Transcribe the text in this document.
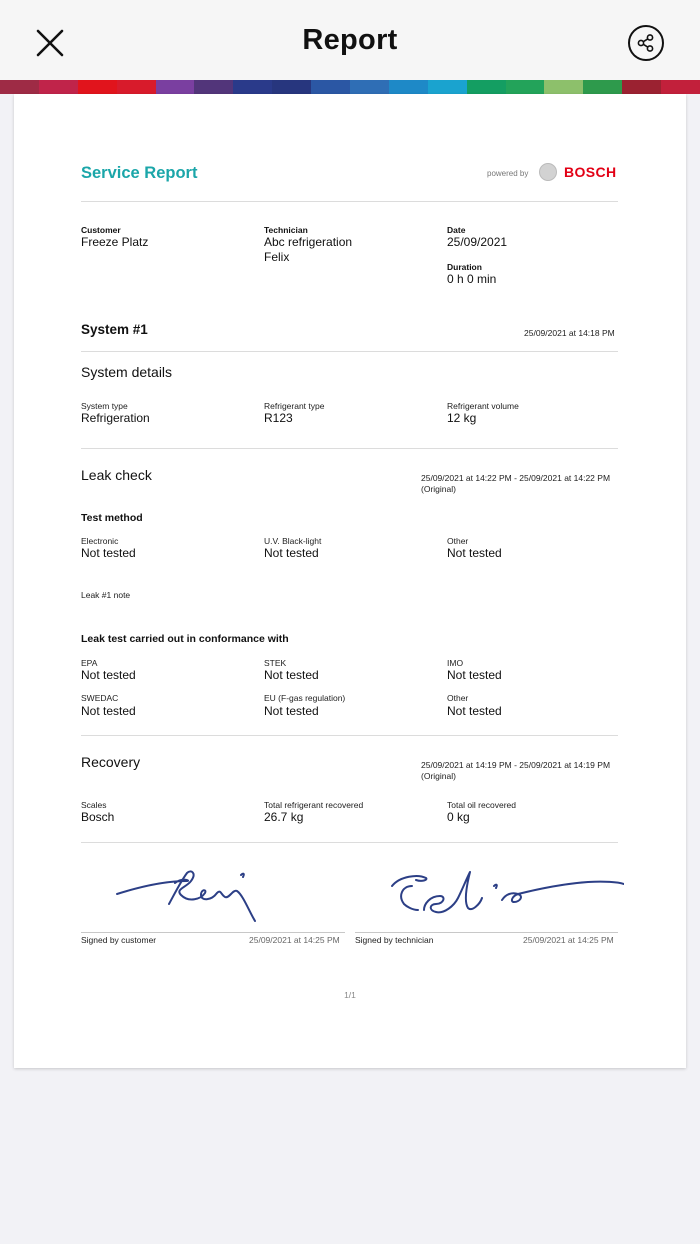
Report
Service Report	powered by	BOSCH
Customer
Freeze Platz
Technician
Abc refrigeration
Felix
Date
25/09/2021
Duration
0 h 0 min
System #1	25/09/2021 at 14:18 PM
System details
System type
Refrigeration
Refrigerant type
R123
Refrigerant volume
12 kg
Leak check	25/09/2021 at 14:22 PM - 25/09/2021 at 14:22 PM
(Original)
Test method
Electronic
Not tested
U.V. Black-light
Not tested
Other
Not tested
Leak #1 note
Leak test carried out in conformance with
EPA
Not tested
STEK
Not tested
IMO
Not tested
SWEDAC
Not tested
EU (F-gas regulation)
Not tested
Other
Not tested
Recovery	25/09/2021 at 14:19 PM - 25/09/2021 at 14:19 PM
(Original)
Scales
Bosch
Total refrigerant recovered
26.7 kg
Total oil recovered
0 kg
Signed by customer	25/09/2021 at 14:25 PM Signed by technician	25/09/2021 at 14:25 PM
1/1
